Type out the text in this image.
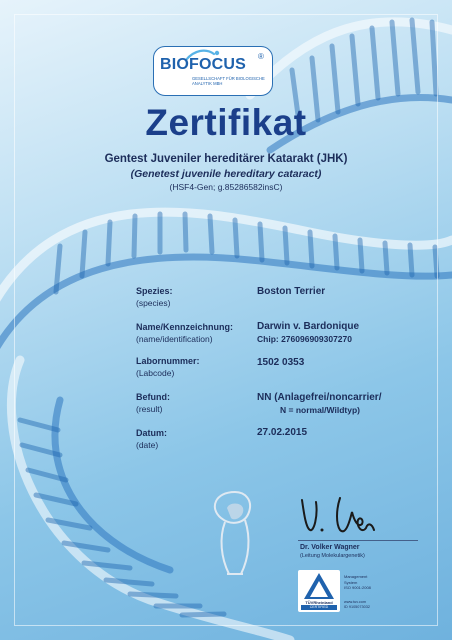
BIOFOCUS ®
GESELLSCHAFT FÜR BIOLOGISCHE ANALYTIK MBH
Zertifikat
Gentest Juveniler hereditärer Katarakt (JHK)
(Genetest juvenile hereditary cataract)
(HSF4-Gen; g.85286582insC)
Spezies:
(species)
Boston Terrier
Name/Kennzeichnung:
(name/identification)
Darwin v. Bardonique
Chip: 276096909307270
Labornummer:
(Labcode)
1502 0353
Befund:
(result)
NN (Anlagefrei/noncarrier/
N = normal/Wildtyp)
Datum:
(date)
27.02.2015
Dr. Volker Wagner
(Leitung Molekulargenetik)
TÜVRheinland
CERTIFIED
Management
System
ISO 9001:2008
www.tuv.com
ID 9105073032
